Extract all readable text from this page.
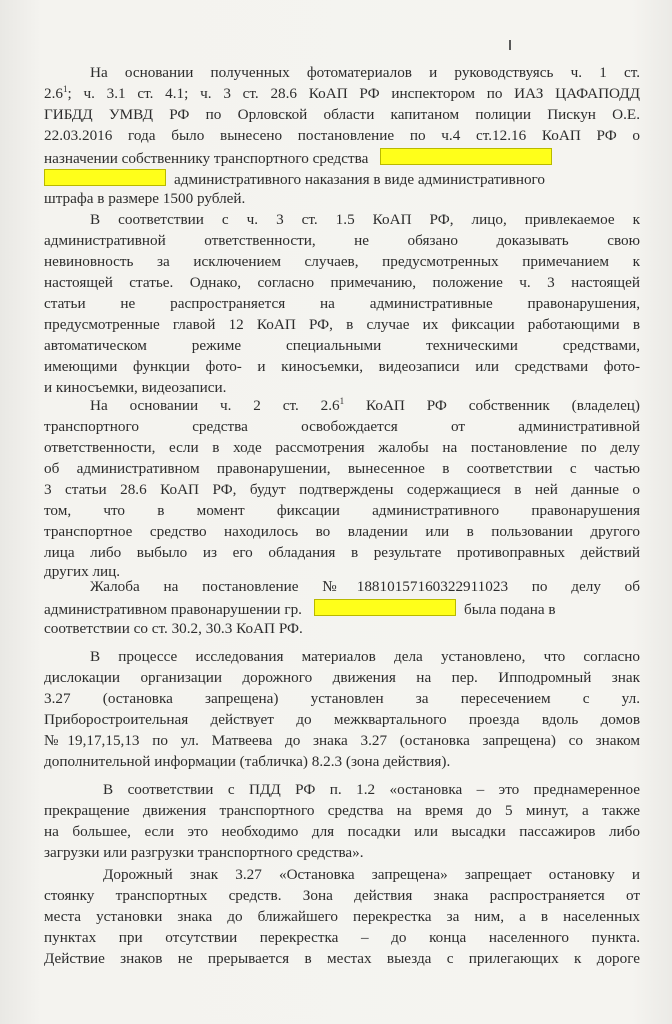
На основании полученных фотоматериалов и руководствуясь ч. 1 ст.
$2.6^1$; ч. 3.1 ст. 4.1; ч. 3 ст. 28.6 КоАП РФ инспектором по ИАЗ ЦАФАПОДД
ГИБДД УМВД РФ по Орловской области капитаном полиции Пискун О.Е.
22.03.2016 года было вынесено постановление по ч.4 ст.12.16 КоАП РФ о
назначении собственнику транспортного средства
административного наказания в виде административного
штрафа в размере 1500 рублей.
В соответствии с ч. 3 ст. 1.5 КоАП РФ, лицо, привлекаемое к
административной ответственности, не обязано доказывать свою
невиновность за исключением случаев, предусмотренных примечанием к
настоящей статье. Однако, согласно примечанию, положение ч. 3 настоящей
статьи не распространяется на административные правонарушения,
предусмотренные главой 12 КоАП РФ, в случае их фиксации работающими в
автоматическом режиме специальными техническими средствами,
имеющими функции фото- и киносъемки, видеозаписи или средствами фото-
и киносъемки, видеозаписи.
На основании ч. 2 ст. $2.6^1$ КоАП РФ собственник (владелец)
транспортного средства освобождается от административной
ответственности, если в ходе рассмотрения жалобы на постановление по делу
об административном правонарушении, вынесенное в соответствии с частью
3 статьи 28.6 КоАП РФ, будут подтверждены содержащиеся в ней данные о
том, что в момент фиксации административного правонарушения
транспортное средство находилось во владении или в пользовании другого
лица либо выбыло из его обладания в результате противоправных действий
других лиц.
Жалоба на постановление №18810157160322911023 по делу об
административном правонарушении гр.	была подана в
соответствии со ст. 30.2, 30.3 КоАП РФ.
В процессе исследования материалов дела установлено, что согласно
дислокации организации дорожного движения на пер. Ипподромный знак
3.27 (остановка запрещена) установлен за пересечением с ул.
Приборостроительная действует до межквартального проезда вдоль домов
№19,17,15,13 по ул. Матвеева до знака 3.27 (остановка запрещена) со знаком
дополнительной информации (табличка) 8.2.3 (зона действия).
В соответствии с ПДД РФ п. 1.2 «остановка – это преднамеренное
прекращение движения транспортного средства на время до 5 минут, а также
на большее, если это необходимо для посадки или высадки пассажиров либо
загрузки или разгрузки транспортного средства».
Дорожный знак 3.27 «Остановка запрещена» запрещает остановку и
стоянку транспортных средств. Зона действия знака распространяется от
места установки знака до ближайшего перекрестка за ним, а в населенных
пунктах при отсутствии перекрестка – до конца населенного пункта.
Действие знаков не прерывается в местах выезда с прилегающих к дороге
